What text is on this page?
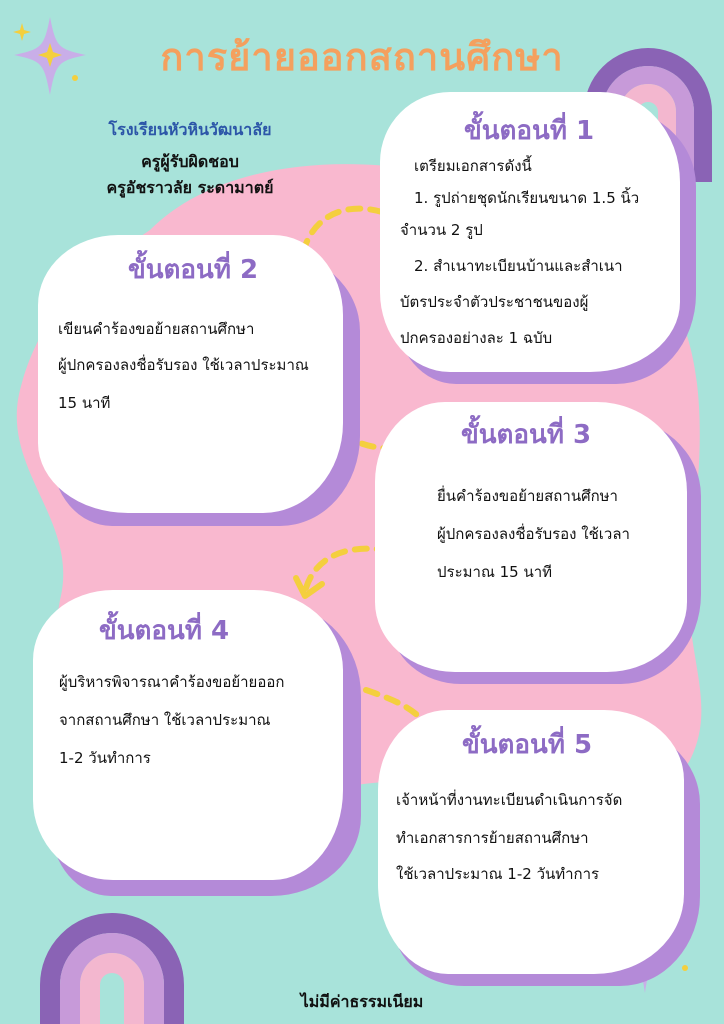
การย้ายออกสถานศึกษา
โรงเรียนหัวหินวัฒนาลัย
ครูผู้รับผิดชอบ
ครูอัชราวลัย ระดามาตย์
ขั้นตอนที่ 1
เตรียมเอกสารดังนี้
1. รูปถ่ายชุดนักเรียนขนาด 1.5 นิ้ว
จำนวน 2 รูป
2. สำเนาทะเบียนบ้านและสำเนา
บัตรประจำตัวประชาชนของผู้
ปกครองอย่างละ 1 ฉบับ
ขั้นตอนที่ 2
เขียนคำร้องขอย้ายสถานศึกษา
ผู้ปกครองลงชื่อรับรอง ใช้เวลาประมาณ
15 นาที
ขั้นตอนที่ 3
ยื่นคำร้องขอย้ายสถานศึกษา
ผู้ปกครองลงชื่อรับรอง ใช้เวลา
ประมาณ 15 นาที
ขั้นตอนที่ 4
ผู้บริหารพิจารณาคำร้องขอย้ายออก
จากสถานศึกษา ใช้เวลาประมาณ
1-2 วันทำการ	ขั้นตอนที่ 5
เจ้าหน้าที่งานทะเบียนดำเนินการจัด
ทำเอกสารการย้ายสถานศึกษา
ใช้เวลาประมาณ 1-2 วันทำการ
ไม่มีค่าธรรมเนียม
